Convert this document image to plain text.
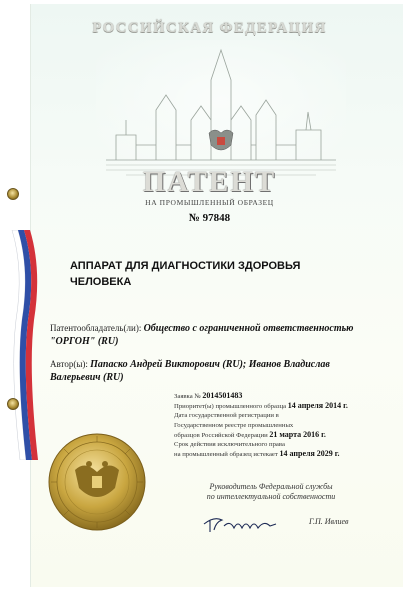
РОССИЙСКАЯ ФЕДЕРАЦИЯ
ПАТЕНТ
НА ПРОМЫШЛЕННЫЙ ОБРАЗЕЦ
№ 97848
АППАРАТ ДЛЯ ДИАГНОСТИКИ ЗДОРОВЬЯ
ЧЕЛОВЕКА
Патентообладатель(ли): Общество с ограниченной ответственностью
"ОРГОН" (RU)
Автор(ы): Папаско Андрей Викторович (RU); Иванов Владислав
Валерьевич (RU)
Заявка № 2014501483
Приоритет(ы) промышленного образца 14 апреля 2014 г.
Дата государственной регистрации в
Государственном реестре промышленных
образцов Российской Федерации 21 марта 2016 г.
Срок действия исключительного права
на промышленный образец истекает 14 апреля 2029 г.
Руководитель Федеральной службы
по интеллектуальной собственности
Г.П. Ивлиев
